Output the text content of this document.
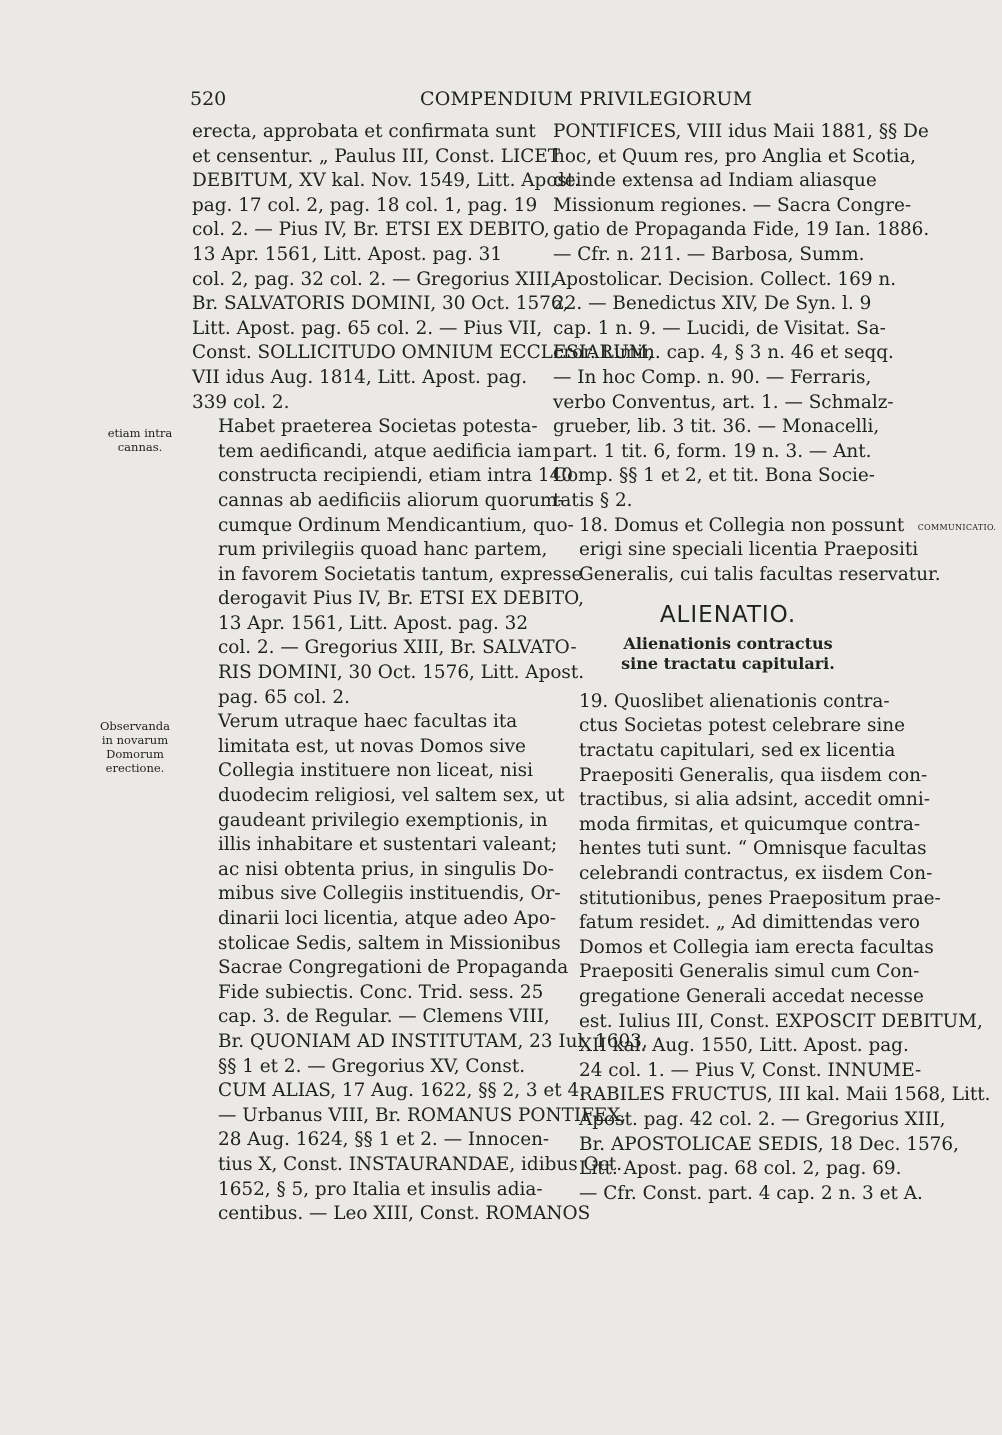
520	COMPENDIUM PRIVILEGIORUM
etiam intra
cannas.
Observanda
in novarum
Domorum
erectione.
COMMUNICATIO.

erecta, approbata et confirmata sunt
et censentur. „ Paulus III, Const. LICET
DEBITUM, XV kal. Nov. 1549, Litt. Apost.
pag. 17 col. 2, pag. 18 col. 1, pag. 19
col. 2. — Pius IV, Br. ETSI EX DEBITO,
13 Apr. 1561, Litt. Apost. pag. 31
col. 2, pag. 32 col. 2. — Gregorius XIII,
Br. SALVATORIS DOMINI, 30 Oct. 1576,
Litt. Apost. pag. 65 col. 2. — Pius VII,
Const. SOLLICITUDO OMNIUM ECCLESIARUM,
VII idus Aug. 1814, Litt. Apost. pag.
339 col. 2.

Habet praeterea Societas potesta-
tem aedificandi, atque aedificia iam
constructa recipiendi, etiam intra 140
cannas ab aedificiis aliorum quorum-
cumque Ordinum Mendicantium, quo-
rum privilegiis quoad hanc partem,
in favorem Societatis tantum, expresse
derogavit Pius IV, Br. ETSI EX DEBITO,
13 Apr. 1561, Litt. Apost. pag. 32
col. 2. — Gregorius XIII, Br. SALVATO-
RIS DOMINI, 30 Oct. 1576, Litt. Apost.
pag. 65 col. 2.

Verum utraque haec facultas ita
limitata est, ut novas Domos sive
Collegia instituere non liceat, nisi
duodecim religiosi, vel saltem sex, ut
gaudeant privilegio exemptionis, in
illis inhabitare et sustentari valeant;
ac nisi obtenta prius, in singulis Do-
mibus sive Collegiis instituendis, Or-
dinarii loci licentia, atque adeo Apo-
stolicae Sedis, saltem in Missionibus
Sacrae Congregationi de Propaganda
Fide subiectis. Conc. Trid. sess. 25
cap. 3. de Regular. — Clemens VIII,
Br. QUONIAM AD INSTITUTAM, 23 Iul. 1603,
§§ 1 et 2. — Gregorius XV, Const.
CUM ALIAS, 17 Aug. 1622, §§ 2, 3 et 4.
— Urbanus VIII, Br. ROMANUS PONTIFEX,
28 Aug. 1624, §§ 1 et 2. — Innocen-
tius X, Const. INSTAURANDAE, idibus Oct.
1652, § 5, pro Italia et insulis adia-
centibus. — Leo XIII, Const. ROMANOS

PONTIFICES, VIII idus Maii 1881, §§ De
hoc, et Quum res, pro Anglia et Scotia,
deinde extensa ad Indiam aliasque
Missionum regiones. — Sacra Congre-
gatio de Propaganda Fide, 19 Ian. 1886.
— Cfr. n. 211. — Barbosa, Summ.
Apostolicar. Decision. Collect. 169 n.
22. — Benedictus XIV, De Syn. l. 9
cap. 1 n. 9. — Lucidi, de Visitat. Sa-
cror. Limin. cap. 4, § 3 n. 46 et seqq.
— In hoc Comp. n. 90. — Ferraris,
verbo Conventus, art. 1. — Schmalz-
grueber, lib. 3 tit. 36. — Monacelli,
part. 1 tit. 6, form. 19 n. 3. — Ant.
Comp. §§ 1 et 2, et tit. Bona Socie-
tatis § 2.

18. Domus et Collegia non possunt
erigi sine speciali licentia Praepositi
Generalis, cui talis facultas reservatur.

ALIENATIO.
Alienationis contractus
sine tractatu capitulari.

19. Quoslibet alienationis contra-
ctus Societas potest celebrare sine
tractatu capitulari, sed ex licentia
Praepositi Generalis, qua iisdem con-
tractibus, si alia adsint, accedit omni-
moda firmitas, et quicumque contra-
hentes tuti sunt. “ Omnisque facultas
celebrandi contractus, ex iisdem Con-
stitutionibus, penes Praepositum prae-
fatum residet. „ Ad dimittendas vero
Domos et Collegia iam erecta facultas
Praepositi Generalis simul cum Con-
gregatione Generali accedat necesse
est. Iulius III, Const. EXPOSCIT DEBITUM,
XII kal. Aug. 1550, Litt. Apost. pag.
24 col. 1. — Pius V, Const. INNUME-
RABILES FRUCTUS, III kal. Maii 1568, Litt.
Apost. pag. 42 col. 2. — Gregorius XIII,
Br. APOSTOLICAE SEDIS, 18 Dec. 1576,
Litt. Apost. pag. 68 col. 2, pag. 69.
— Cfr. Const. part. 4 cap. 2 n. 3 et A.
